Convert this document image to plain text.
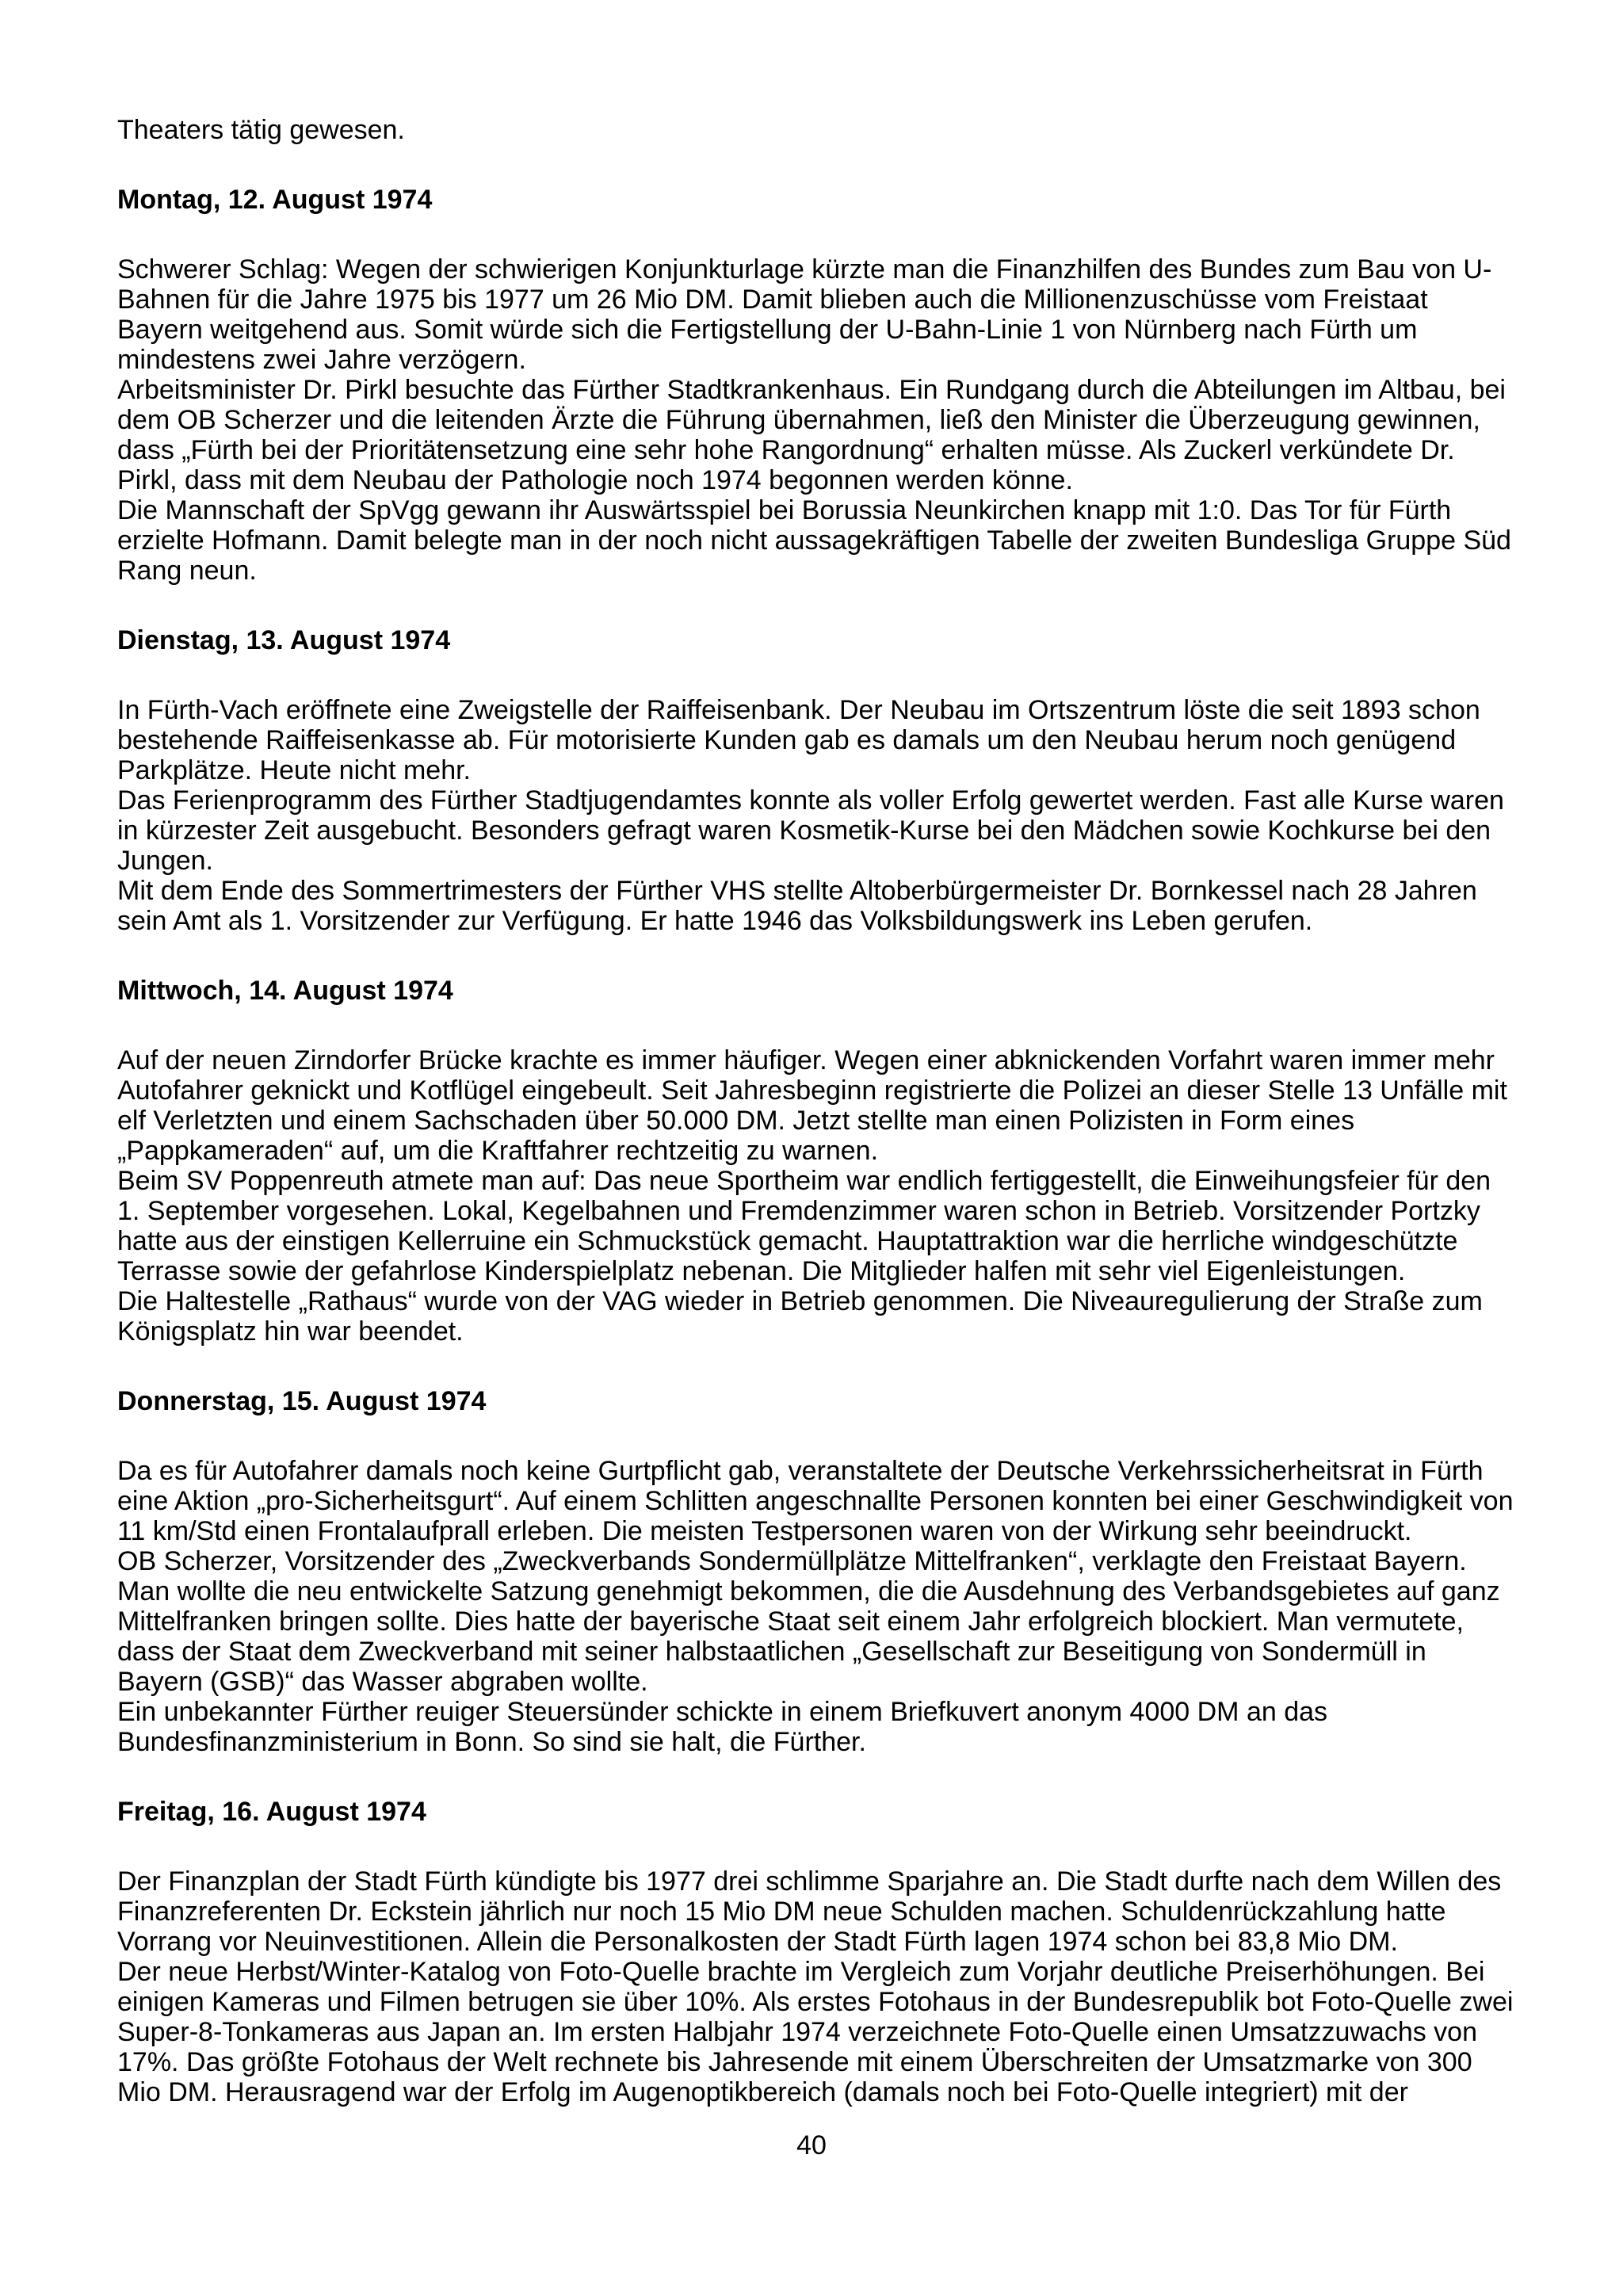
Theaters tätig gewesen.

Montag, 12. August 1974

Schwerer Schlag: Wegen der schwierigen Konjunkturlage kürzte man die Finanzhilfen des Bundes zum Bau von U-Bahnen für die Jahre 1975 bis 1977 um 26 Mio DM. Damit blieben auch die Millionenzuschüsse vom Freistaat Bayern weitgehend aus. Somit würde sich die Fertigstellung der U-Bahn-Linie 1 von Nürnberg nach Fürth um mindestens zwei Jahre verzögern.

Arbeitsminister Dr. Pirkl besuchte das Fürther Stadtkrankenhaus. Ein Rundgang durch die Abteilungen im Altbau, bei dem OB Scherzer und die leitenden Ärzte die Führung übernahmen, ließ den Minister die Überzeugung gewinnen, dass „Fürth bei der Prioritätensetzung eine sehr hohe Rangordnung“ erhalten müsse. Als Zuckerl verkündete Dr. Pirkl, dass mit dem Neubau der Pathologie noch 1974 begonnen werden könne.

Die Mannschaft der SpVgg gewann ihr Auswärtsspiel bei Borussia Neunkirchen knapp mit 1:0. Das Tor für Fürth erzielte Hofmann. Damit belegte man in der noch nicht aussagekräftigen Tabelle der zweiten Bundesliga Gruppe Süd Rang neun.

Dienstag, 13. August 1974

In Fürth-Vach eröffnete eine Zweigstelle der Raiffeisenbank. Der Neubau im Ortszentrum löste die seit 1893 schon bestehende Raiffeisenkasse ab. Für motorisierte Kunden gab es damals um den Neubau herum noch genügend Parkplätze. Heute nicht mehr.

Das Ferienprogramm des Fürther Stadtjugendamtes konnte als voller Erfolg gewertet werden. Fast alle Kurse waren in kürzester Zeit ausgebucht. Besonders gefragt waren Kosmetik-Kurse bei den Mädchen sowie Kochkurse bei den Jungen.

Mit dem Ende des Sommertrimesters der Fürther VHS stellte Altoberbürgermeister Dr. Bornkessel nach 28 Jahren sein Amt als 1. Vorsitzender zur Verfügung. Er hatte 1946 das Volksbildungswerk ins Leben gerufen.

Mittwoch, 14. August 1974

Auf der neuen Zirndorfer Brücke krachte es immer häufiger. Wegen einer abknickenden Vorfahrt waren immer mehr Autofahrer geknickt und Kotflügel eingebeult. Seit Jahresbeginn registrierte die Polizei an dieser Stelle 13 Unfälle mit elf Verletzten und einem Sachschaden über 50.000 DM. Jetzt stellte man einen Polizisten in Form eines „Pappkameraden“ auf, um die Kraftfahrer rechtzeitig zu warnen.

Beim SV Poppenreuth atmete man auf: Das neue Sportheim war endlich fertiggestellt, die Einweihungsfeier für den 1. September vorgesehen. Lokal, Kegelbahnen und Fremdenzimmer waren schon in Betrieb. Vorsitzender Portzky hatte aus der einstigen Kellerruine ein Schmuckstück gemacht. Hauptattraktion war die herrliche windgeschützte Terrasse sowie der gefahrlose Kinderspielplatz nebenan. Die Mitglieder halfen mit sehr viel Eigenleistungen.

Die Haltestelle „Rathaus“ wurde von der VAG wieder in Betrieb genommen. Die Niveauregulierung der Straße zum Königsplatz hin war beendet.

Donnerstag, 15. August 1974

Da es für Autofahrer damals noch keine Gurtpflicht gab, veranstaltete der Deutsche Verkehrssicherheitsrat in Fürth eine Aktion „pro-Sicherheitsgurt“. Auf einem Schlitten angeschnallte Personen konnten bei einer Geschwindigkeit von 11 km/Std einen Frontalaufprall erleben. Die meisten Testpersonen waren von der Wirkung sehr beeindruckt.

OB Scherzer, Vorsitzender des „Zweckverbands Sondermüllplätze Mittelfranken“, verklagte den Freistaat Bayern. Man wollte die neu entwickelte Satzung genehmigt bekommen, die die Ausdehnung des Verbandsgebietes auf ganz Mittelfranken bringen sollte. Dies hatte der bayerische Staat seit einem Jahr erfolgreich blockiert. Man vermutete, dass der Staat dem Zweckverband mit seiner halbstaatlichen „Gesellschaft zur Beseitigung von Sondermüll in Bayern (GSB)“ das Wasser abgraben wollte.

Ein unbekannter Fürther reuiger Steuersünder schickte in einem Briefkuvert anonym 4000 DM an das Bundesfinanzministerium in Bonn. So sind sie halt, die Fürther.

Freitag, 16. August 1974

Der Finanzplan der Stadt Fürth kündigte bis 1977 drei schlimme Sparjahre an. Die Stadt durfte nach dem Willen des Finanzreferenten Dr. Eckstein jährlich nur noch 15 Mio DM neue Schulden machen. Schuldenrückzahlung hatte Vorrang vor Neuinvestitionen. Allein die Personalkosten der Stadt Fürth lagen 1974 schon bei 83,8 Mio DM.

Der neue Herbst/Winter-Katalog von Foto-Quelle brachte im Vergleich zum Vorjahr deutliche Preiserhöhungen. Bei einigen Kameras und Filmen betrugen sie über 10%. Als erstes Fotohaus in der Bundesrepublik bot Foto-Quelle zwei Super-8-Tonkameras aus Japan an. Im ersten Halbjahr 1974 verzeichnete Foto-Quelle einen Umsatzzuwachs von 17%. Das größte Fotohaus der Welt rechnete bis Jahresende mit einem Überschreiten der Umsatzmarke von 300 Mio DM. Herausragend war der Erfolg im Augenoptikbereich (damals noch bei Foto-Quelle integriert) mit der

40
